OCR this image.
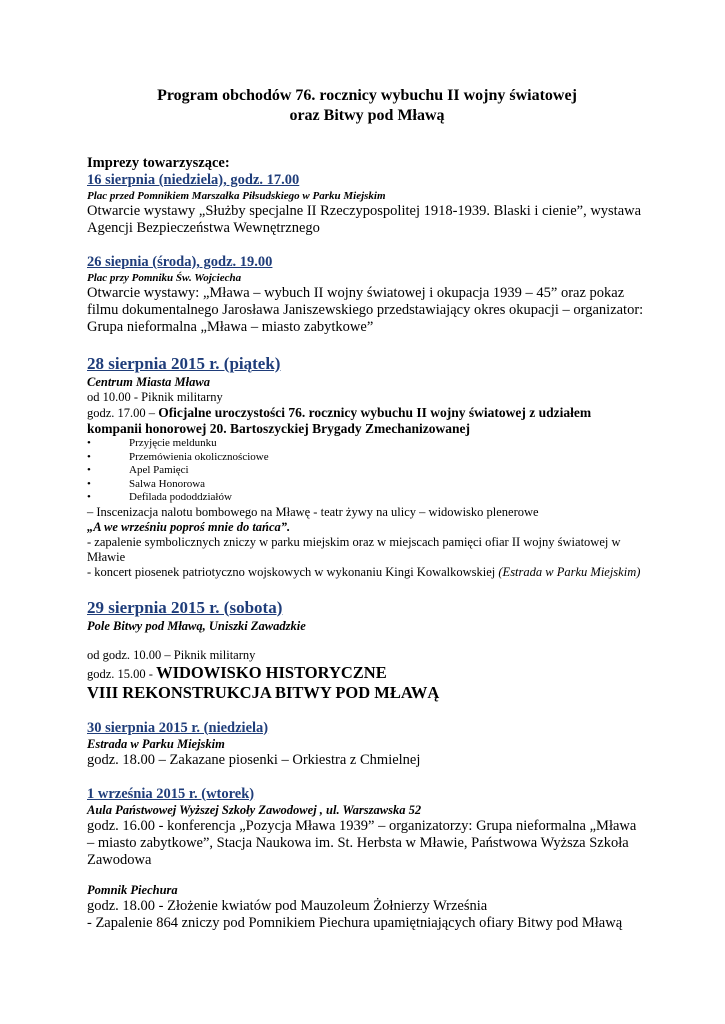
Program obchodów 76. rocznicy wybuchu II wojny światowej
oraz Bitwy pod Mławą
Imprezy towarzyszące:
16 sierpnia (niedziela), godz. 17.00
Plac przed Pomnikiem Marszałka Piłsudskiego w Parku Miejskim
Otwarcie wystawy „Służby specjalne II Rzeczypospolitej 1918-1939. Blaski i cienie”, wystawa Agencji Bezpieczeństwa Wewnętrznego
26 siepnia (środa), godz. 19.00
Plac przy Pomniku Św. Wojciecha
Otwarcie wystawy: „Mława – wybuch II wojny światowej i okupacja 1939 – 45” oraz pokaz filmu dokumentalnego Jarosława Janiszewskiego przedstawiający okres okupacji – organizator: Grupa nieformalna „Mława – miasto zabytkowe”
28 sierpnia 2015 r. (piątek)
Centrum Miasta Mława
od 10.00 - Piknik militarny
godz. 17.00 – Oficjalne uroczystości 76. rocznicy wybuchu II wojny światowej z udziałem kompanii honorowej 20. Bartoszyckiej Brygady Zmechanizowanej
•	Przyjęcie meldunku
•	Przemówienia okolicznościowe
•	Apel Pamięci
•	Salwa Honorowa
•	Defilada pododdziałów
– Inscenizacja nalotu bombowego na Mławę - teatr żywy na ulicy – widowisko plenerowe
„A we wrześniu poproś mnie do tańca”.
- zapalenie symbolicznych zniczy w parku miejskim oraz w miejscach pamięci ofiar II wojny światowej w Mławie
- koncert piosenek patriotyczno wojskowych w wykonaniu Kingi Kowalkowskiej (Estrada w Parku Miejskim)
29 sierpnia 2015 r. (sobota)
Pole Bitwy pod Mławą, Uniszki Zawadzkie
od godz. 10.00 – Piknik militarny
godz. 15.00 - WIDOWISKO HISTORYCZNE
VIII REKONSTRUKCJA BITWY POD MŁAWĄ
30 sierpnia 2015 r. (niedziela)
Estrada w Parku Miejskim
godz. 18.00 – Zakazane piosenki – Orkiestra z Chmielnej
1 września 2015 r. (wtorek)
Aula Państwowej Wyższej Szkoły Zawodowej , ul. Warszawska 52
godz. 16.00 - konferencja „Pozycja Mława 1939” – organizatorzy: Grupa nieformalna „Mława – miasto zabytkowe”, Stacja Naukowa im. St. Herbsta w Mławie, Państwowa Wyższa Szkoła Zawodowa
Pomnik Piechura
godz. 18.00 - Złożenie kwiatów pod Mauzoleum Żołnierzy Września
- Zapalenie 864 zniczy pod Pomnikiem Piechura upamiętniających ofiary Bitwy pod Mławą
